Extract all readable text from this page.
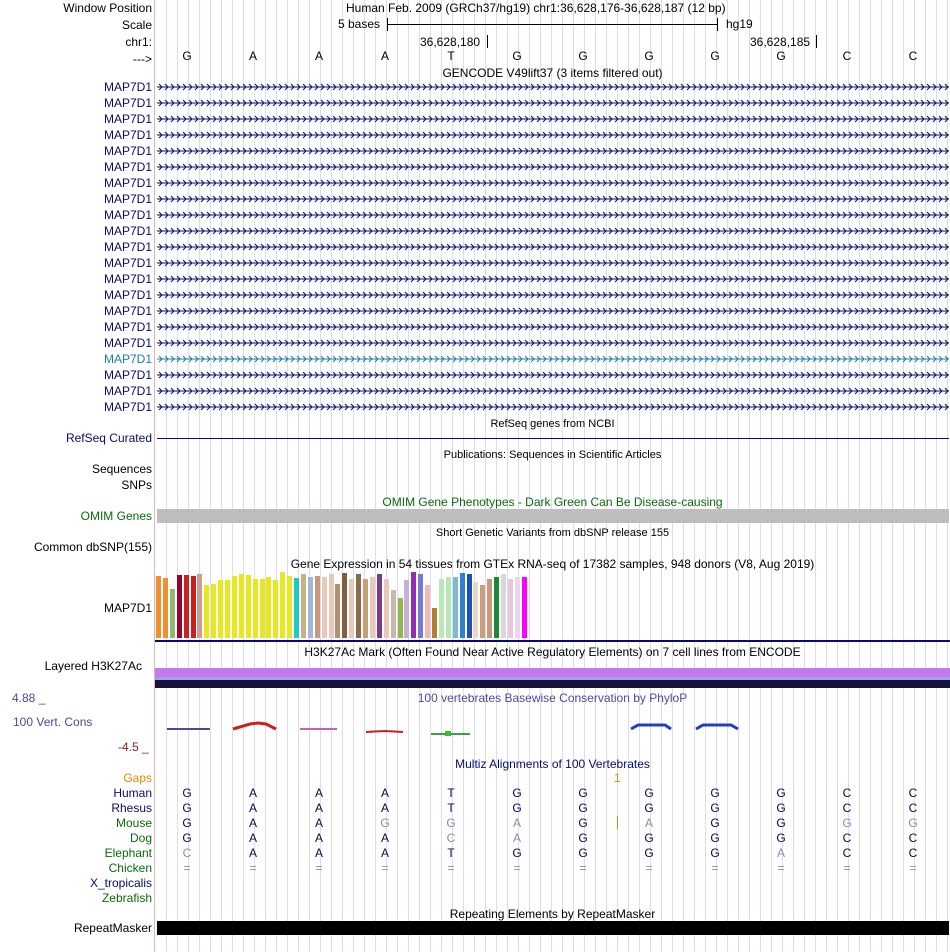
Window Position	Human Feb. 2009 (GRCh37/hg19) chr1:36,628,176-36,628,187 (12 bp)
Scale	5 bases	hg19
chr1:	36,628,180	36,628,185
--->	G	A	A	A	T	G	G	G	G	G	C	C
GENCODE V49lift37 (3 items filtered out)
MAP7D1
MAP7D1
MAP7D1
MAP7D1
MAP7D1
MAP7D1
MAP7D1
MAP7D1
MAP7D1
MAP7D1
MAP7D1
MAP7D1
MAP7D1
MAP7D1
MAP7D1
MAP7D1
MAP7D1
MAP7D1
MAP7D1
MAP7D1
MAP7D1
RefSeq genes from NCBI
RefSeq Curated
Publications: Sequences in Scientific Articles
Sequences
SNPs
OMIM Gene Phenotypes - Dark Green Can Be Disease-causing
OMIM Genes
Short Genetic Variants from dbSNP release 155
Common dbSNP(155)
Gene Expression in 54 tissues from GTEx RNA-seq of 17382 samples, 948 donors (V8, Aug 2019)
MAP7D1
H3K27Ac Mark (Often Found Near Active Regulatory Elements) on 7 cell lines from ENCODE
Layered H3K27Ac
4.88 _	100 vertebrates Basewise Conservation by PhyloP
100 Vert. Cons
-4.5 _
Multiz Alignments of 100 Vertebrates
Gaps	1
Human	G	A	A	A	T	G	G	G	G	G	C	C
Rhesus	G	A	A	A	T	G	G	G	G	G	C	C
Mouse	G	A	A	G	G	A	G	A	G	G	G	G
Dog	G	A	A	A	C	A	G	G	G	G	C	C
Elephant	C	A	A	A	T	G	G	G	G	A	C	C
Chicken	=	=	=	=	=	=	=	=	=	=	=	=
X_tropicalis
Zebrafish
Repeating Elements by RepeatMasker
RepeatMasker
